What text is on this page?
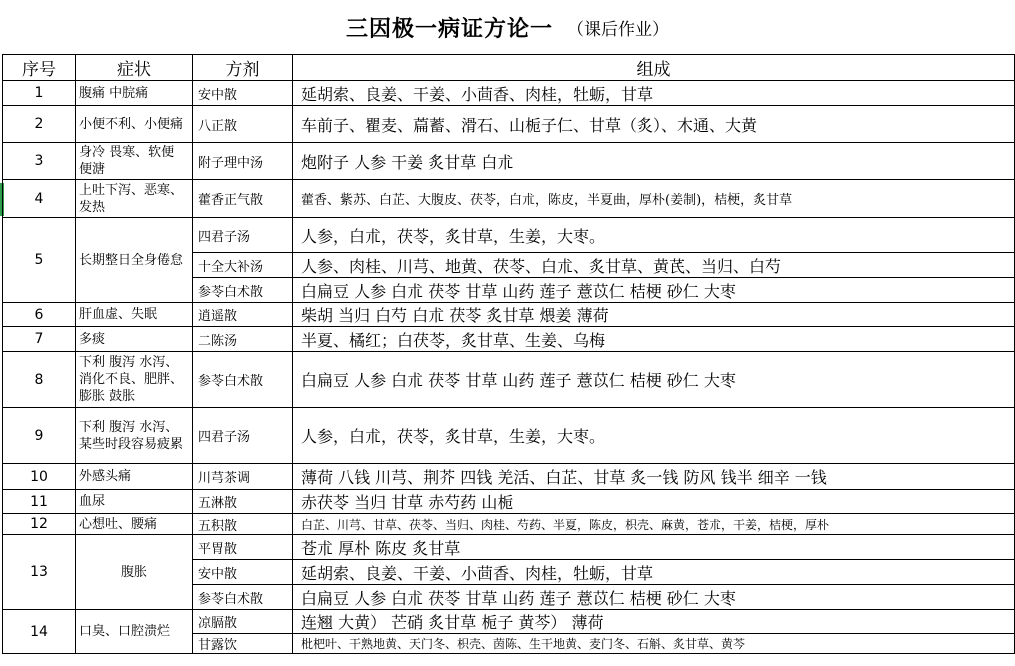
三因极一病证方论一 （课后作业）
序号	症状	方剂	组成
1	腹痛 中脘痛	安中散	延胡索、良姜、干姜、小茴香、肉桂，牡蛎，甘草
2	小便不利、小便痛	八正散	车前子、瞿麦、萹蓄、滑石、山栀子仁、甘草（炙）、木通、大黄
3	身冷 畏寒、软便 便溏	附子理中汤	炮附子 人参 干姜 炙甘草 白朮
4	上吐下泻、恶寒、发热	藿香正气散	藿香、紫苏、白芷、大腹皮、茯苓，白朮，陈皮，半夏曲，厚朴(姜制)，桔梗，炙甘草
5	长期整日全身倦怠	四君子汤	人参，白朮，茯苓，炙甘草，生姜，大枣。
		十全大补汤	人参、肉桂、川芎、地黄、茯苓、白朮、炙甘草、黄芪、当归、白芍
		参苓白术散	白扁豆 人参 白朮 茯苓 甘草 山药 莲子 薏苡仁 桔梗 砂仁 大枣
6	肝血虚、失眠	逍遥散	柴胡 当归 白芍 白朮 茯苓 炙甘草 煨姜 薄荷
7	多痰	二陈汤	半夏、橘红；白茯苓，炙甘草、生姜、乌梅
8	下利 腹泻 水泻、消化不良、肥胖、膨胀 鼓胀	参苓白术散	白扁豆 人参 白朮 茯苓 甘草 山药 莲子 薏苡仁 桔梗 砂仁 大枣
9	下利 腹泻 水泻、某些时段容易疲累	四君子汤	人参，白朮，茯苓，炙甘草，生姜，大枣。
10	外感头痛	川芎茶调	薄荷 八钱 川芎、荆芥 四钱 羌活、白芷、甘草 炙一钱 防风 钱半 细辛 一钱
11	血尿	五淋散	赤茯苓 当归 甘草 赤芍药 山栀
12	心想吐、腰痛	五积散	白芷、川芎、甘草、茯苓、当归、肉桂、芍药、半夏，陈皮，枳壳、麻黄，苍朮，干姜，桔梗，厚朴
13	腹胀	平胃散	苍朮 厚朴 陈皮 炙甘草
		安中散	延胡索、良姜、干姜、小茴香、肉桂，牡蛎，甘草
		参苓白术散	白扁豆 人参 白朮 茯苓 甘草 山药 莲子 薏苡仁 桔梗 砂仁 大枣
14	口臭、口腔溃烂	凉膈散	连翘 大黄） 芒硝 炙甘草 栀子 黄芩） 薄荷
		甘露饮	枇杷叶、干熟地黄、天门冬、枳壳、茵陈、生干地黄、麦门冬、石斛、炙甘草、黄芩
